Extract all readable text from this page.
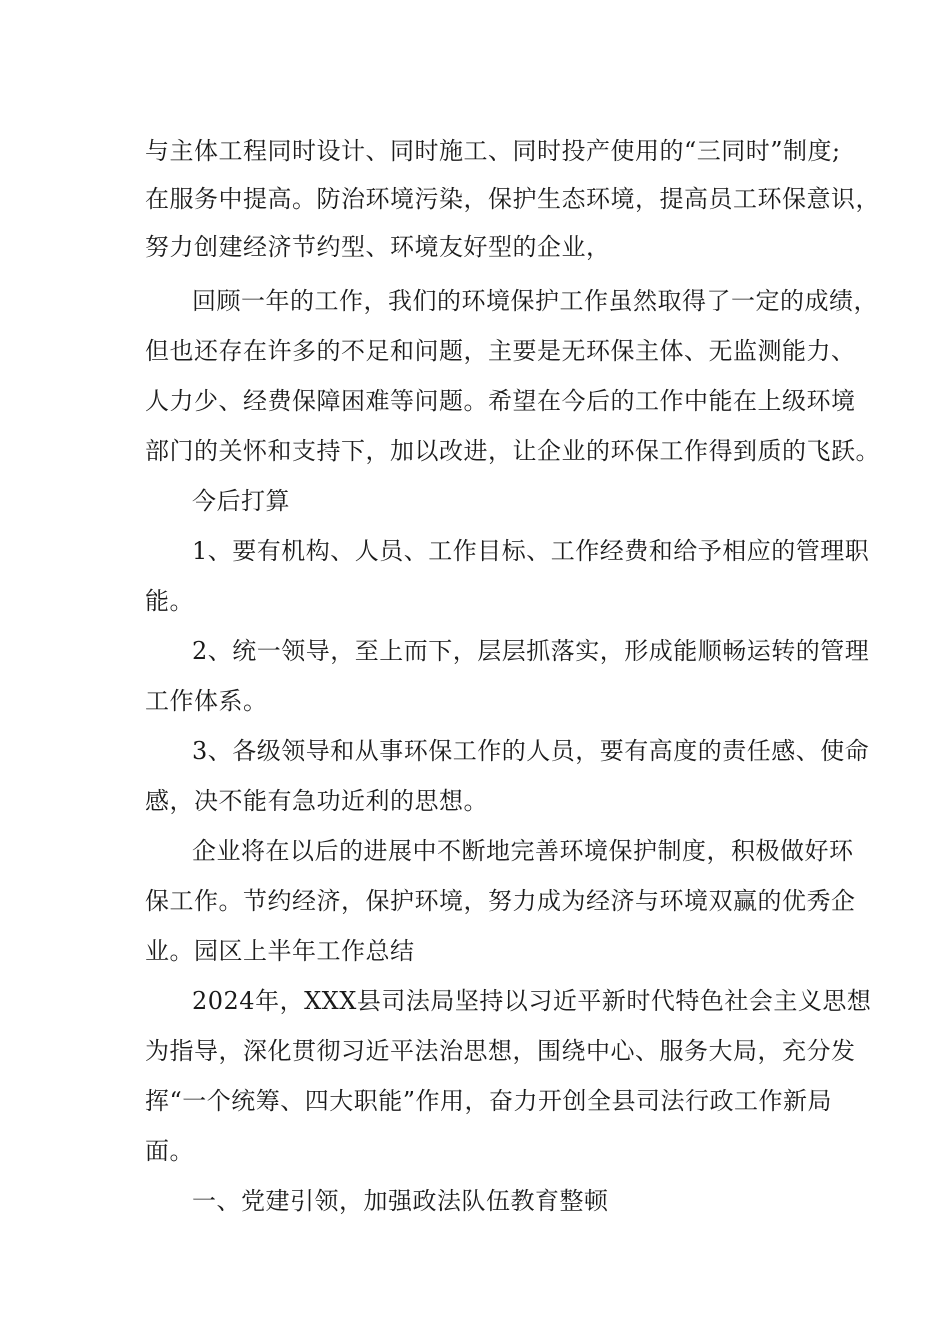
与主体工程同时设计、同时施工、同时投产使用的“三同时”制度;
在服务中提高。防治环境污染，保护生态环境，提高员工环保意识，
努力创建经济节约型、环境友好型的企业，
回顾一年的工作，我们的环境保护工作虽然取得了一定的成绩，
但也还存在许多的不足和问题，主要是无环保主体、无监测能力、
人力少、经费保障困难等问题。希望在今后的工作中能在上级环境
部门的关怀和支持下，加以改进，让企业的环保工作得到质的飞跃。
今后打算
1、要有机构、人员、工作目标、工作经费和给予相应的管理职
能。
2、统一领导，至上而下，层层抓落实，形成能顺畅运转的管理
工作体系。
3、各级领导和从事环保工作的人员，要有高度的责任感、使命
感，决不能有急功近利的思想。
企业将在以后的进展中不断地完善环境保护制度，积极做好环
保工作。节约经济，保护环境，努力成为经济与环境双赢的优秀企
业。园区上半年工作总结
2024年，XXX县司法局坚持以习近平新时代特色社会主义思想
为指导，深化贯彻习近平法治思想，围绕中心、服务大局，充分发
挥“一个统筹、四大职能”作用，奋力开创全县司法行政工作新局
面。
一、党建引领，加强政法队伍教育整顿
